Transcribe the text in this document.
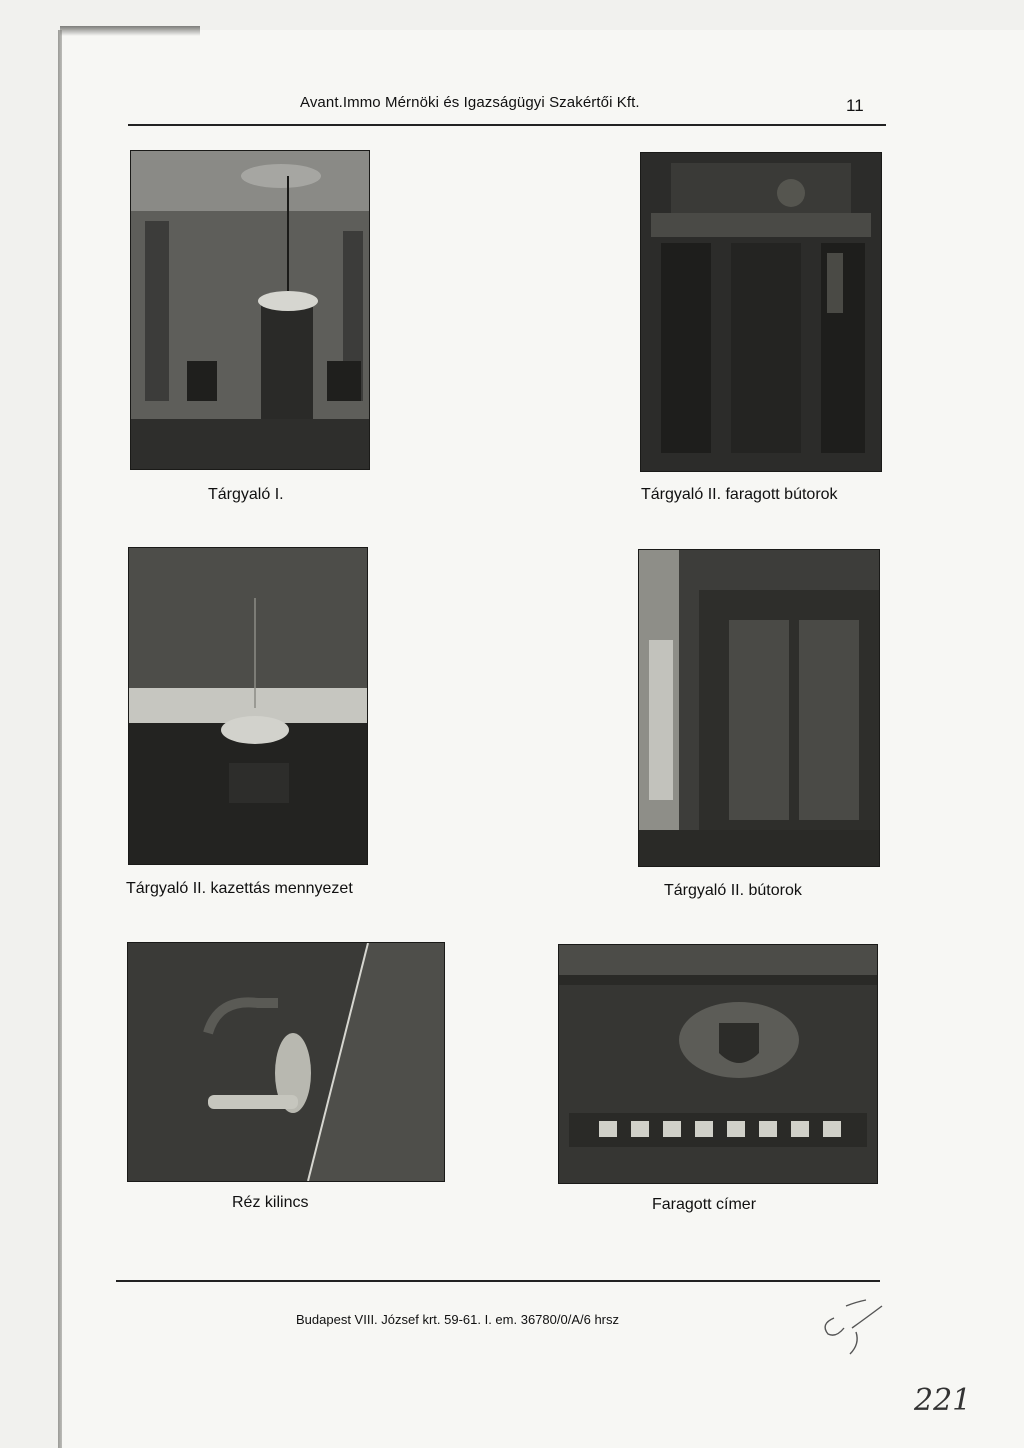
Avant.Immo Mérnöki és Igazságügyi Szakértői Kft.	11
Tárgyaló I.	Tárgyaló II. faragott bútorok
Tárgyaló II. kazettás mennyezet	Tárgyaló II. bútorok
Réz kilincs	Faragott címer
Budapest VIII. József krt. 59-61. I. em. 36780/0/A/6 hrsz
221
